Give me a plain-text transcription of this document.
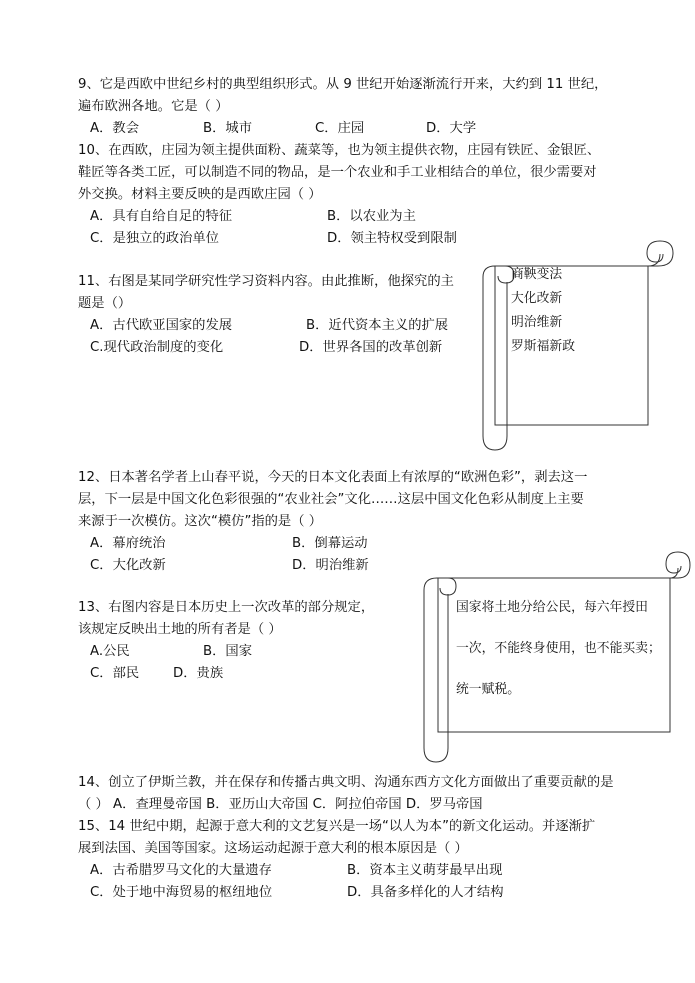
9、它是西欧中世纪乡村的典型组织形式。从 9 世纪开始逐渐流行开来，大约到 11 世纪，
遍布欧洲各地。它是（ ）
A．教会	B．城市	C．庄园	D．大学
10、在西欧，庄园为领主提供面粉、蔬菜等，也为领主提供衣物，庄园有铁匠、金银匠、
鞋匠等各类工匠，可以制造不同的物品，是一个农业和手工业相结合的单位，很少需要对
外交换。材料主要反映的是西欧庄园（ ）
A．具有自给自足的特征	B．以农业为主
C．是独立的政治单位	D．领主特权受到限制
商鞅变法
大化改新
明治维新
罗斯福新政
11、右图是某同学研究性学习资料内容。由此推断，他探究的主
题是（）
A．古代欧亚国家的发展	B．近代资本主义的扩展
C.现代政治制度的变化	D．世界各国的改革创新
12、日本著名学者上山春平说，今天的日本文化表面上有浓厚的“欧洲色彩”，剥去这一
层，下一层是中国文化色彩很强的“农业社会”文化……这层中国文化色彩从制度上主要
来源于一次模仿。这次“模仿”指的是（ ）
A．幕府统治	B．倒幕运动
C．大化改新	D．明治维新
国家将土地分给公民，每六年授田
一次，不能终身使用，也不能买卖；
统一赋税。
13、右图内容是日本历史上一次改革的部分规定，
该规定反映出土地的所有者是（ ）
A.公民	B．国家
C．部民	D．贵族
14、创立了伊斯兰教，并在保存和传播古典文明、沟通东西方文化方面做出了重要贡献的是
（ ） A．查理曼帝国 B．亚历山大帝国 C．阿拉伯帝国 D．罗马帝国
15、14 世纪中期，起源于意大利的文艺复兴是一场“以人为本”的新文化运动。并逐渐扩
展到法国、美国等国家。这场运动起源于意大利的根本原因是（ ）
A．古希腊罗马文化的大量遗存	B．资本主义萌芽最早出现
C．处于地中海贸易的枢纽地位	D．具备多样化的人才结构
